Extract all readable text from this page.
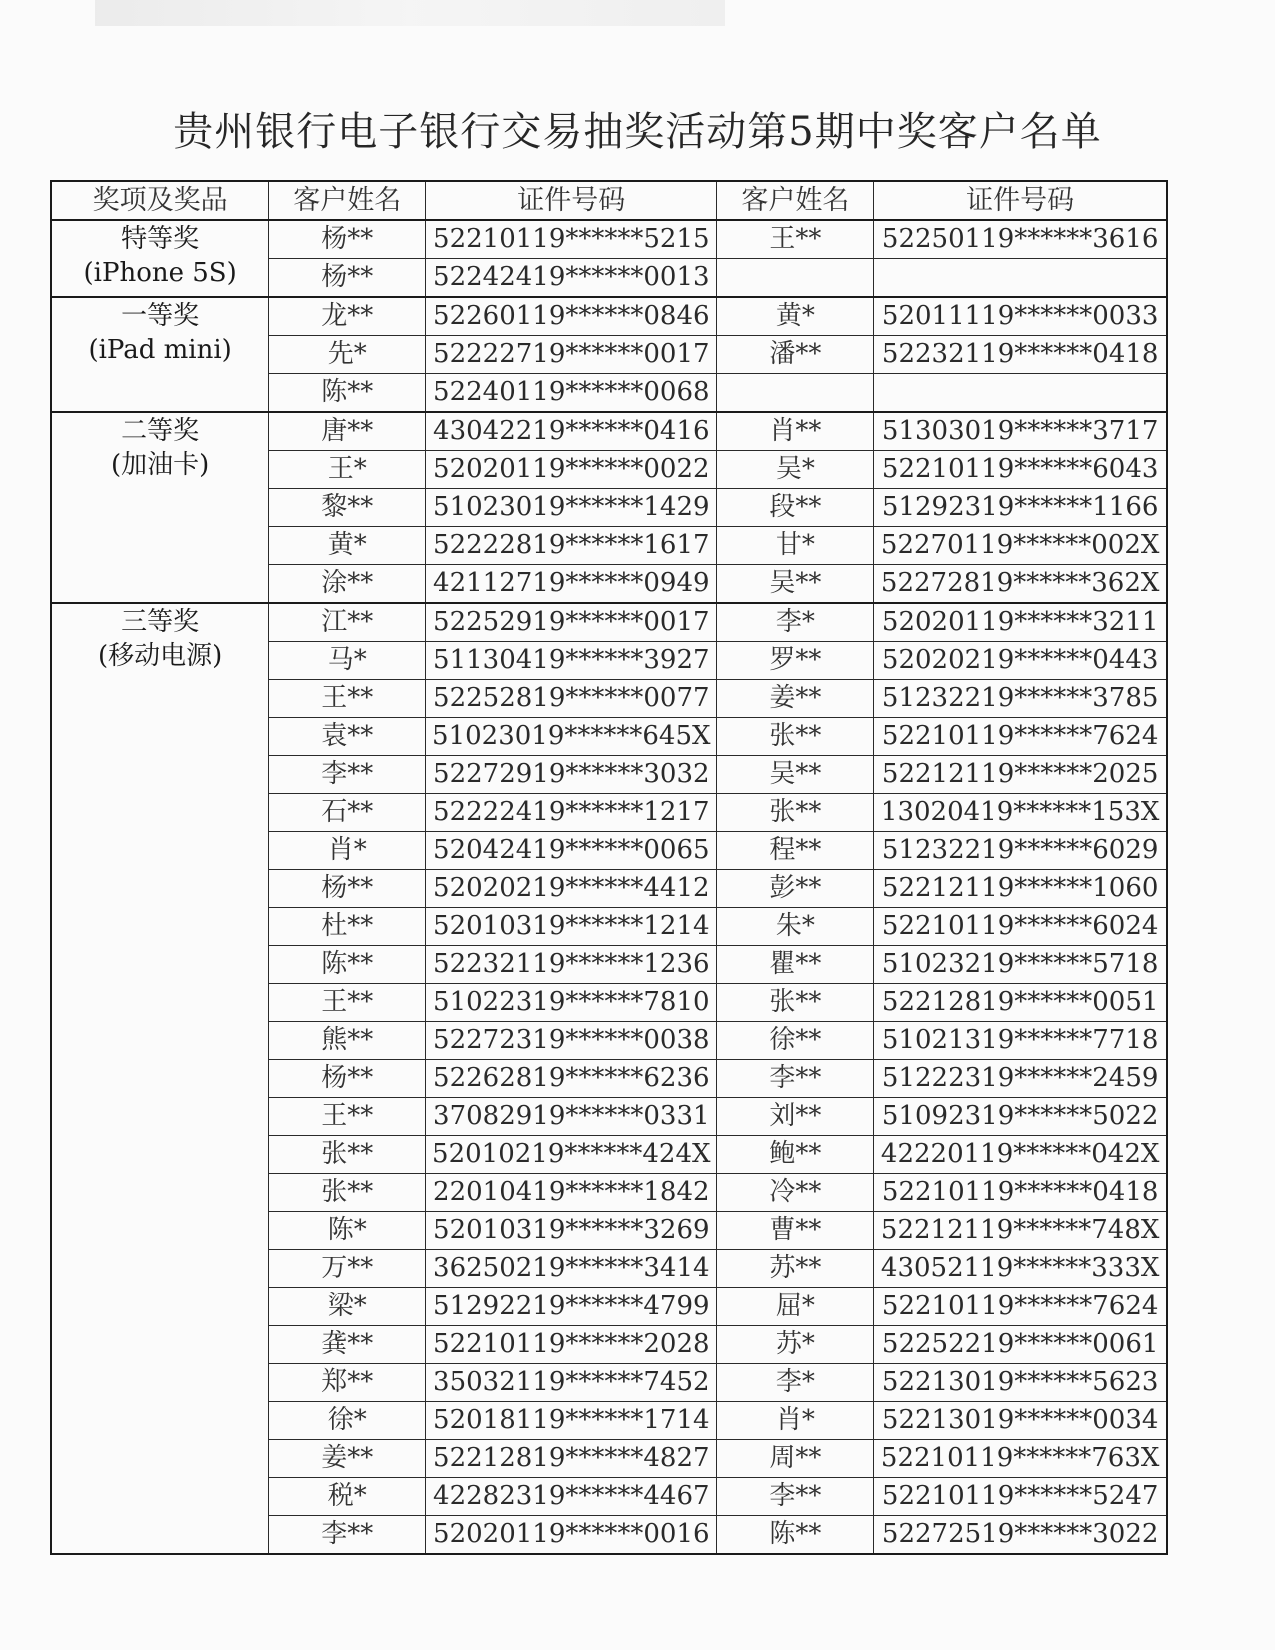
贵州银行电子银行交易抽奖活动第5期中奖客户名单
奖项及奖品	客户姓名	证件号码	客户姓名	证件号码

特等奖
(iPhone 5S)	杨**	52210119******5215	王**	52250119******3616
	杨**	52242419******0013		

一等奖
(iPad mini)	龙**	52260119******0846	黄*	52011119******0033
	先*	52222719******0017	潘**	52232119******0418
	陈**	52240119******0068		

二等奖
(加油卡)	唐**	43042219******0416	肖**	51303019******3717
	王*	52020119******0022	吴*	52210119******6043
	黎**	51023019******1429	段**	51292319******1166
	黄*	52222819******1617	甘*	52270119******002X
	涂**	42112719******0949	吴**	52272819******362X

三等奖
(移动电源)	江**	52252919******0017	李*	52020119******3211
	马*	51130419******3927	罗**	52020219******0443
	王**	52252819******0077	姜**	51232219******3785
	袁**	51023019******645X	张**	52210119******7624
	李**	52272919******3032	吴**	52212119******2025
	石**	52222419******1217	张**	13020419******153X
	肖*	52042419******0065	程**	51232219******6029
	杨**	52020219******4412	彭**	52212119******1060
	杜**	52010319******1214	朱*	52210119******6024
	陈**	52232119******1236	瞿**	51023219******5718
	王**	51022319******7810	张**	52212819******0051
	熊**	52272319******0038	徐**	51021319******7718
	杨**	52262819******6236	李**	51222319******2459
	王**	37082919******0331	刘**	51092319******5022
	张**	52010219******424X	鲍**	42220119******042X
	张**	22010419******1842	冷**	52210119******0418
	陈*	52010319******3269	曹**	52212119******748X
	万**	36250219******3414	苏**	43052119******333X
	梁*	51292219******4799	屈*	52210119******7624
	龚**	52210119******2028	苏*	52252219******0061
	郑**	35032119******7452	李*	52213019******5623
	徐*	52018119******1714	肖*	52213019******0034
	姜**	52212819******4827	周**	52210119******763X
	税*	42282319******4467	李**	52210119******5247
	李**	52020119******0016	陈**	52272519******3022
